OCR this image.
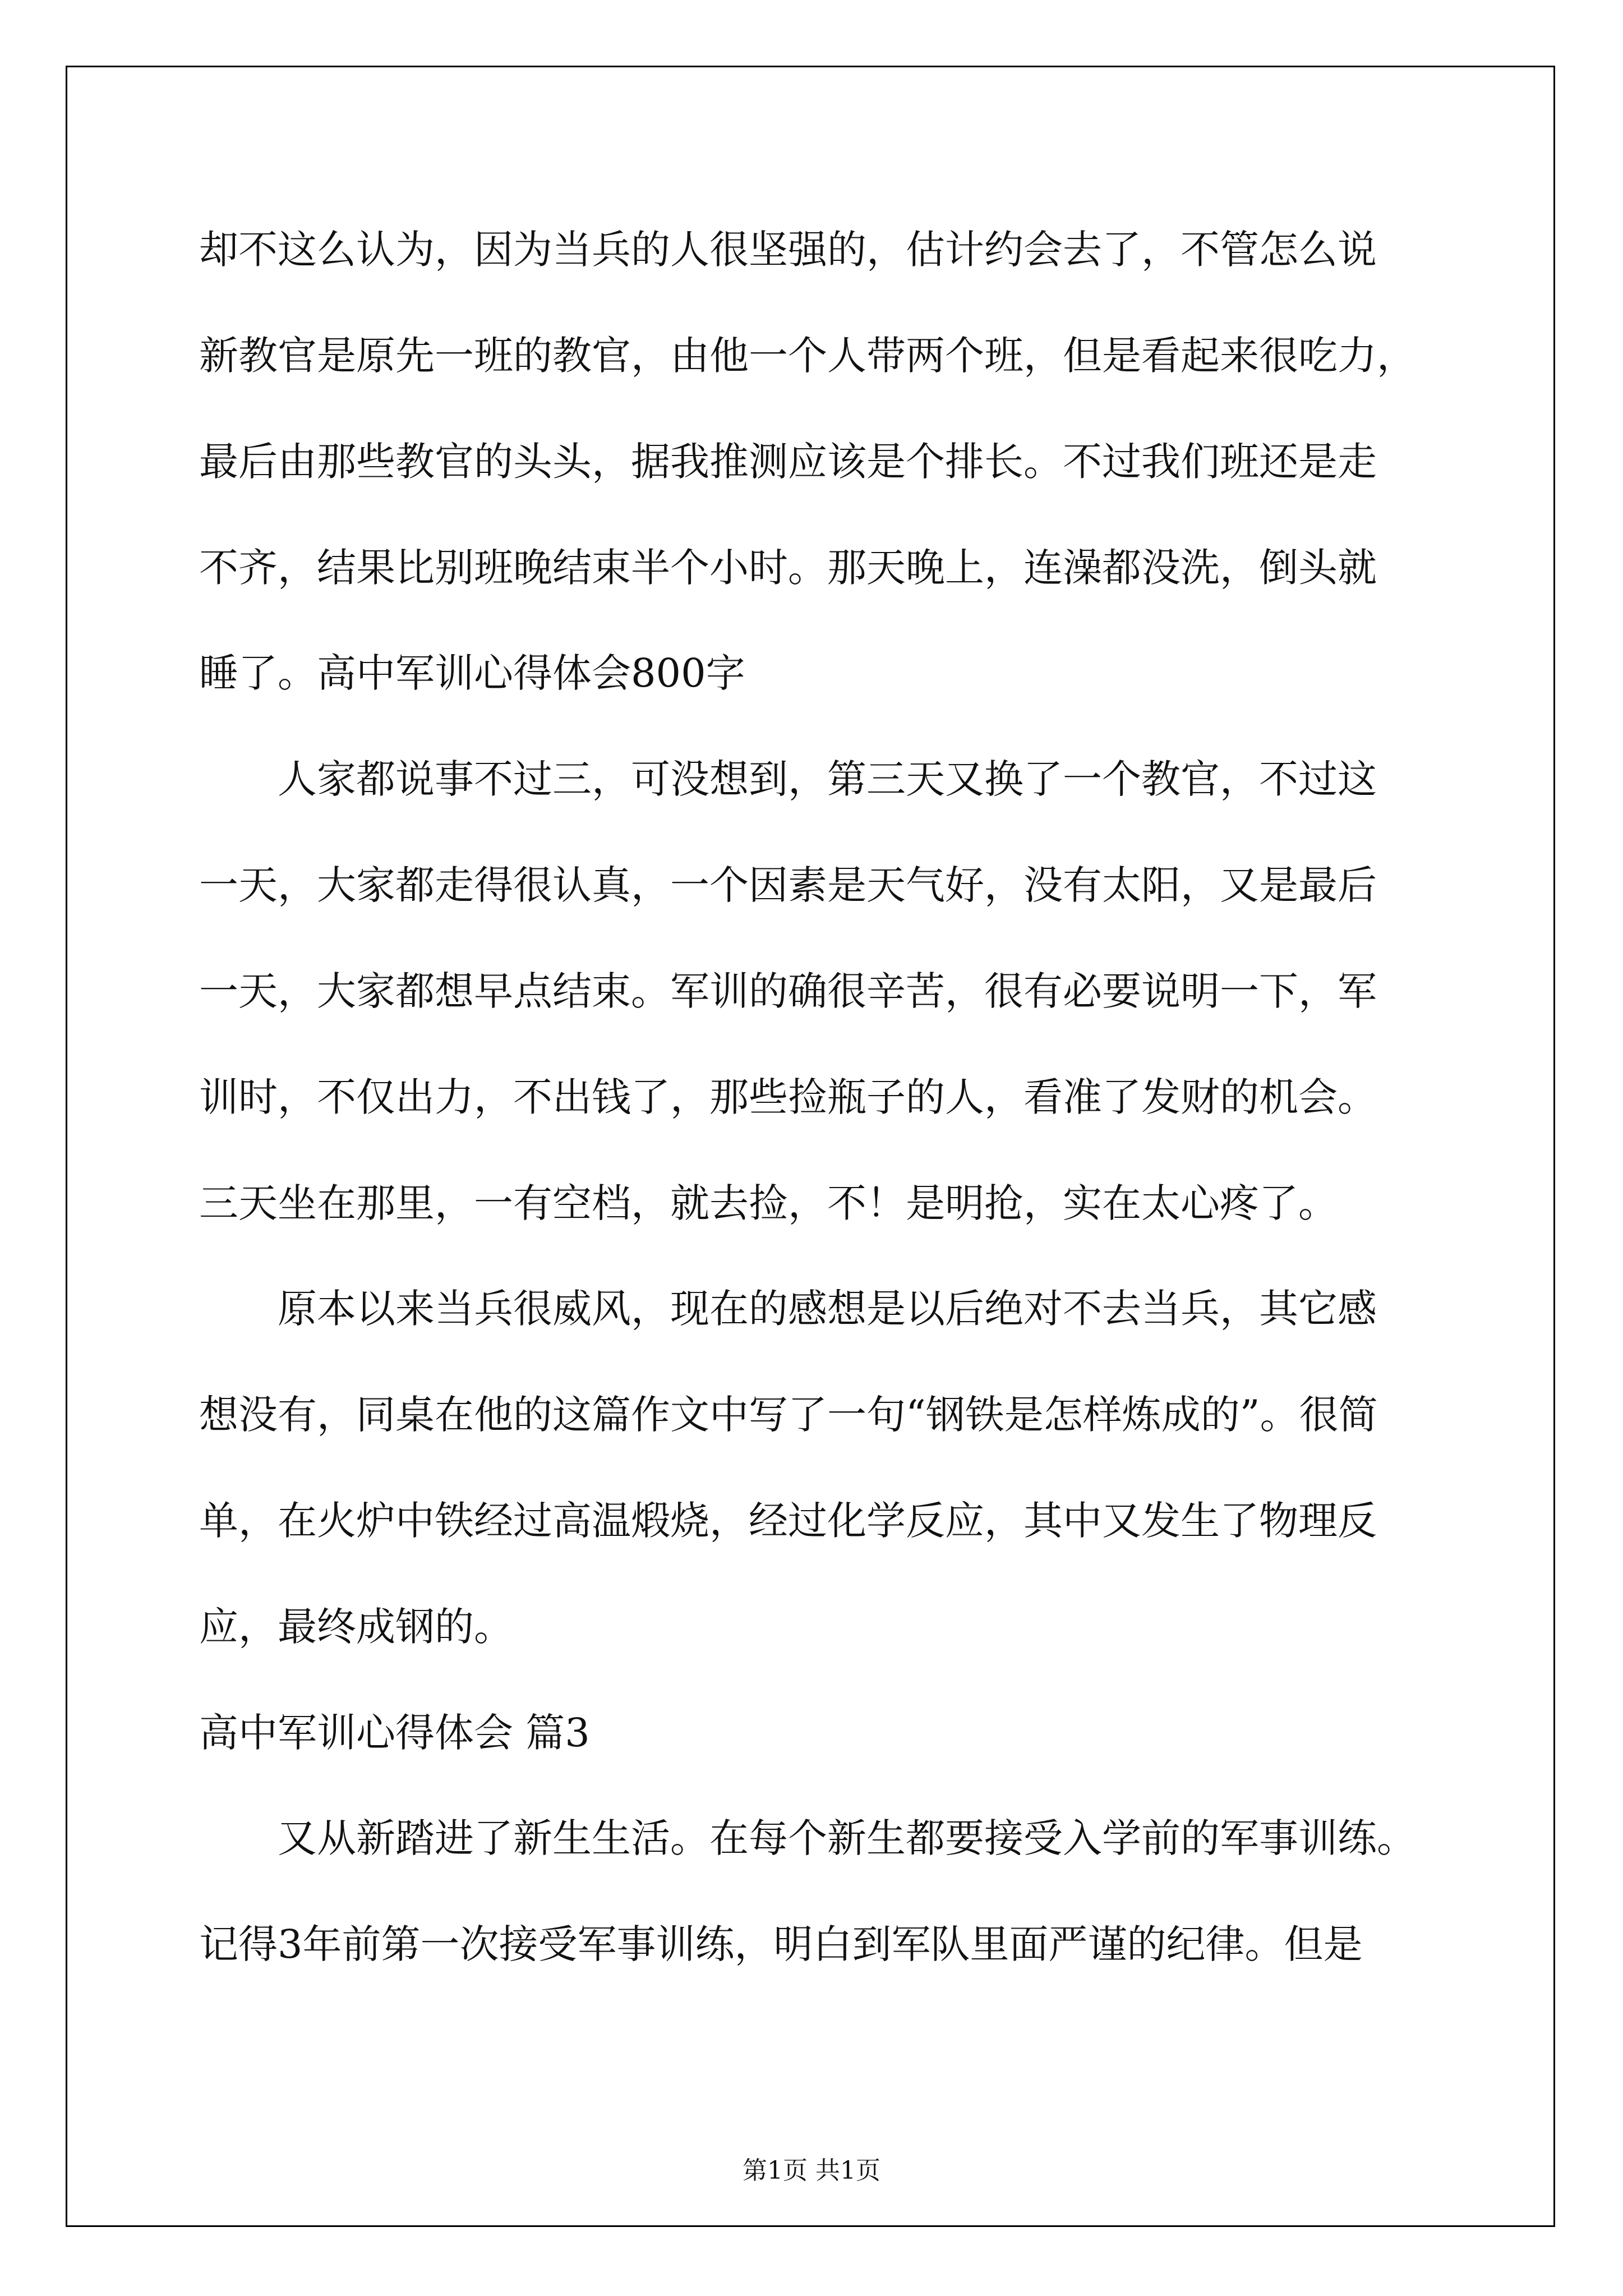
却不这么认为，因为当兵的人很坚强的，估计约会去了，不管怎么说
新教官是原先一班的教官，由他一个人带两个班，但是看起来很吃力，
最后由那些教官的头头，据我推测应该是个排长。不过我们班还是走
不齐，结果比别班晚结束半个小时。那天晚上，连澡都没洗，倒头就
睡了。高中军训心得体会800字
人家都说事不过三，可没想到，第三天又换了一个教官，不过这
一天，大家都走得很认真，一个因素是天气好，没有太阳，又是最后
一天，大家都想早点结束。军训的确很辛苦，很有必要说明一下，军
训时，不仅出力，不出钱了，那些捡瓶子的人，看准了发财的机会。
三天坐在那里，一有空档，就去捡，不！是明抢，实在太心疼了。
原本以来当兵很威风，现在的感想是以后绝对不去当兵，其它感
想没有，同桌在他的这篇作文中写了一句“钢铁是怎样炼成的”。很简
单，在火炉中铁经过高温煅烧，经过化学反应，其中又发生了物理反
应，最终成钢的。
高中军训心得体会 篇3
又从新踏进了新生生活。在每个新生都要接受入学前的军事训练。
记得3年前第一次接受军事训练，明白到军队里面严谨的纪律。但是
第1页 共1页
